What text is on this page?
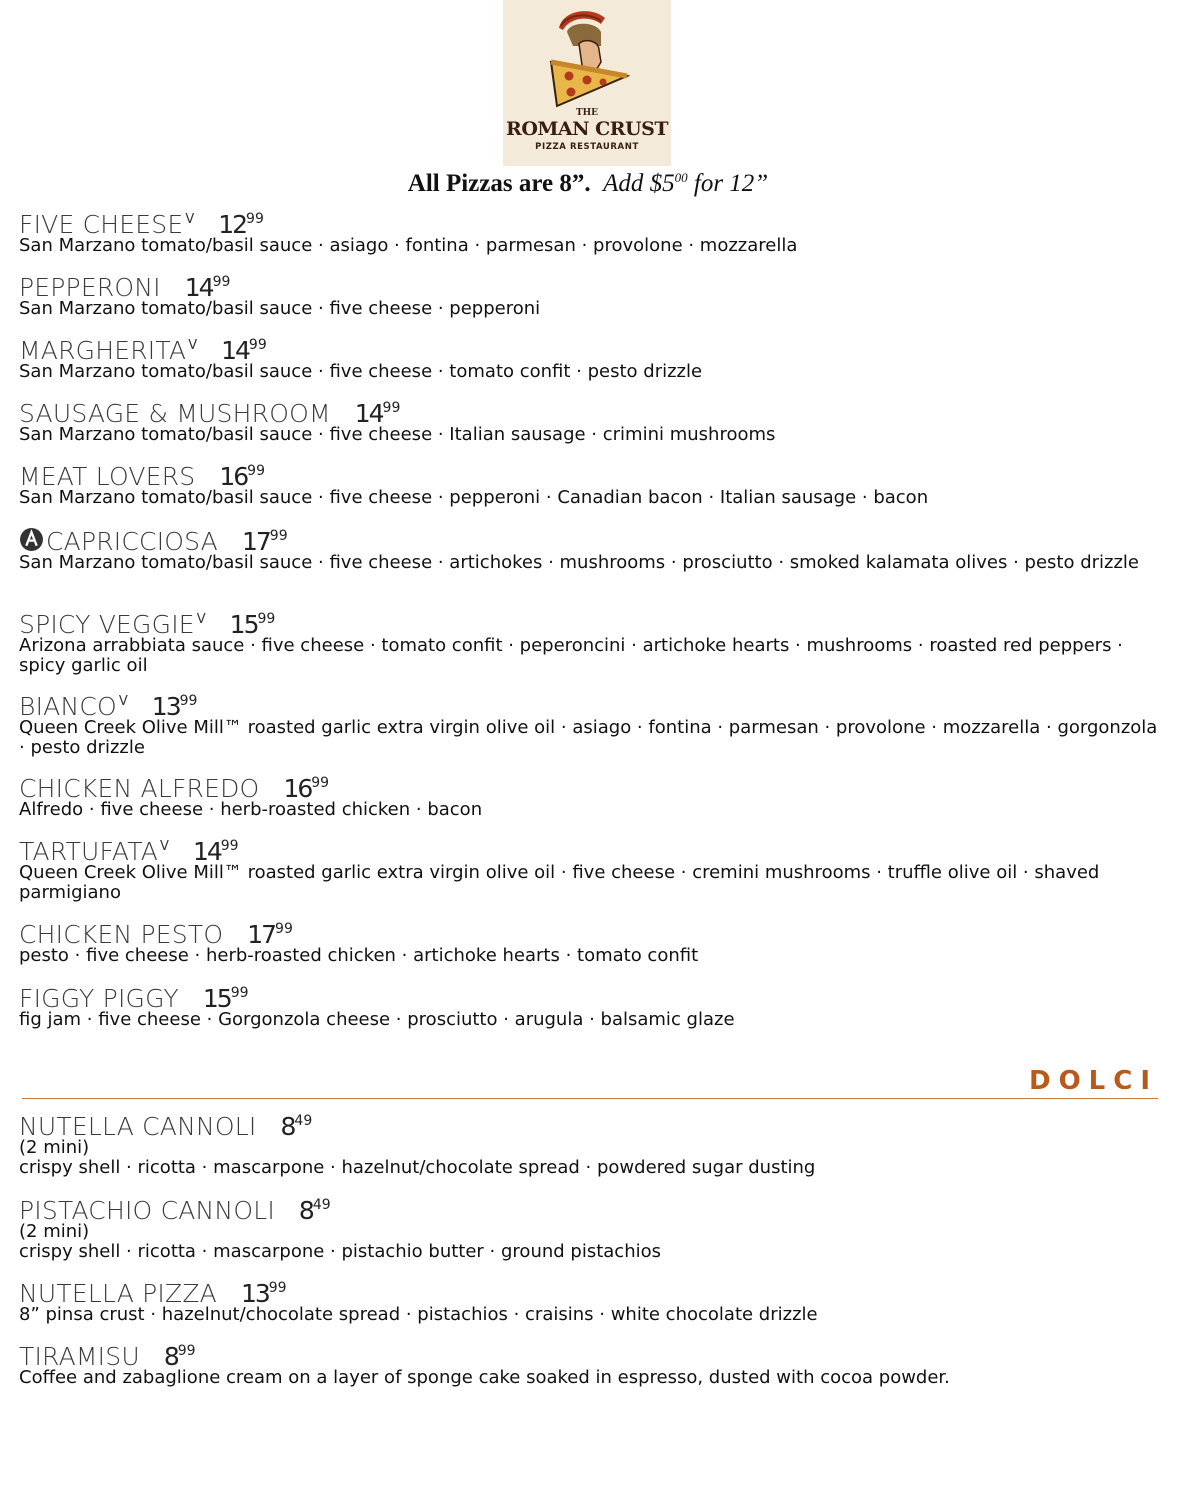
THE
ROMAN CRUST
PIZZA RESTAURANT
All Pizzas are 8”. Add $\$5^{00}$ for 12”
FIVE CHEESE $^V$ $12^{99}$
San Marzano tomato/basil sauce · asiago · fontina · parmesan · provolone · mozzarella
PEPPERONI $14^{99}$
San Marzano tomato/basil sauce · five cheese · pepperoni
MARGHERITA $^V$ $14^{99}$
San Marzano tomato/basil sauce · five cheese · tomato confit · pesto drizzle
SAUSAGE & MUSHROOM $14^{99}$
San Marzano tomato/basil sauce · five cheese · Italian sausage · crimini mushrooms
MEAT LOVERS $16^{99}$
San Marzano tomato/basil sauce · five cheese · pepperoni · Canadian bacon · Italian sausage · bacon
CAPRICCIOSA $17^{99}$
San Marzano tomato/basil sauce · five cheese · artichokes · mushrooms · prosciutto · smoked kalamata olives · pesto drizzle
SPICY VEGGIE $^V$ $15^{99}$
Arizona arrabbiata sauce · five cheese · tomato confit · peperoncini · artichoke hearts · mushrooms · roasted red peppers · spicy garlic oil
BIANCO $^V$ $13^{99}$
Queen Creek Olive Mill™ roasted garlic extra virgin olive oil · asiago · fontina · parmesan · provolone · mozzarella · gorgonzola · pesto drizzle
CHICKEN ALFREDO $16^{99}$
Alfredo · five cheese · herb-roasted chicken · bacon
TARTUFATA $^V$ $14^{99}$
Queen Creek Olive Mill™ roasted garlic extra virgin olive oil · five cheese · cremini mushrooms · truffle olive oil · shaved parmigiano
CHICKEN PESTO $17^{99}$
pesto · five cheese · herb-roasted chicken · artichoke hearts · tomato confit
FIGGY PIGGY $15^{99}$
fig jam · five cheese · Gorgonzola cheese · prosciutto · arugula · balsamic glaze
DOLCI
NUTELLA CANNOLI $8^{49}$
(2 mini)
crispy shell · ricotta · mascarpone · hazelnut/chocolate spread · powdered sugar dusting
PISTACHIO CANNOLI $8^{49}$
(2 mini)
crispy shell · ricotta · mascarpone · pistachio butter · ground pistachios
NUTELLA PIZZA $13^{99}$
8” pinsa crust · hazelnut/chocolate spread · pistachios · craisins · white chocolate drizzle
TIRAMISU $8^{99}$
Coffee and zabaglione cream on a layer of sponge cake soaked in espresso, dusted with cocoa powder.
